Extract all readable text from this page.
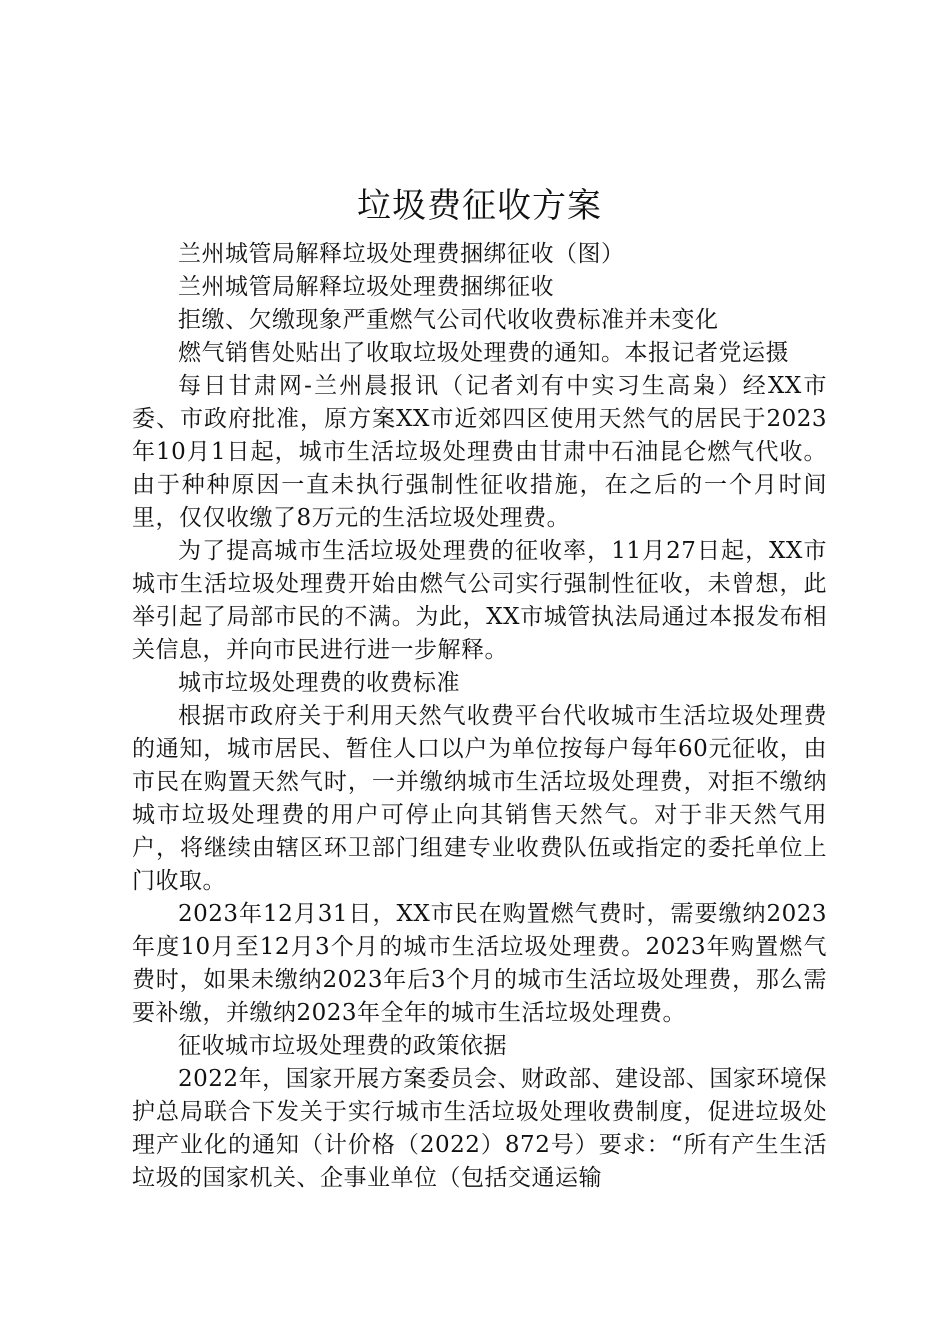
垃圾费征收方案

兰州城管局解释垃圾处理费捆绑征收（图）

兰州城管局解释垃圾处理费捆绑征收

拒缴、欠缴现象严重燃气公司代收收费标准并未变化

燃气销售处贴出了收取垃圾处理费的通知。本报记者党运摄

每日甘肃网-兰州晨报讯（记者刘有中实习生高枭）经XX市委、市政府批准，原方案XX市近郊四区使用天然气的居民于2023年10月1日起，城市生活垃圾处理费由甘肃中石油昆仑燃气代收。由于种种原因一直未执行强制性征收措施，在之后的一个月时间里，仅仅收缴了8万元的生活垃圾处理费。

为了提高城市生活垃圾处理费的征收率，11月27日起，XX市城市生活垃圾处理费开始由燃气公司实行强制性征收，未曾想，此举引起了局部市民的不满。为此，XX市城管执法局通过本报发布相关信息，并向市民进行进一步解释。

城市垃圾处理费的收费标准

根据市政府关于利用天然气收费平台代收城市生活垃圾处理费的通知，城市居民、暂住人口以户为单位按每户每年60元征收，由市民在购置天然气时，一并缴纳城市生活垃圾处理费，对拒不缴纳城市垃圾处理费的用户可停止向其销售天然气。对于非天然气用户，将继续由辖区环卫部门组建专业收费队伍或指定的委托单位上门收取。

2023年12月31日，XX市民在购置燃气费时，需要缴纳2023年度10月至12月3个月的城市生活垃圾处理费。2023年购置燃气费时，如果未缴纳2023年后3个月的城市生活垃圾处理费，那么需要补缴，并缴纳2023年全年的城市生活垃圾处理费。

征收城市垃圾处理费的政策依据

2022年，国家开展方案委员会、财政部、建设部、国家环境保护总局联合下发关于实行城市生活垃圾处理收费制度，促进垃圾处理产业化的通知（计价格（2022）872号）要求：“所有产生生活垃圾的国家机关、企事业单位（包括交通运输
